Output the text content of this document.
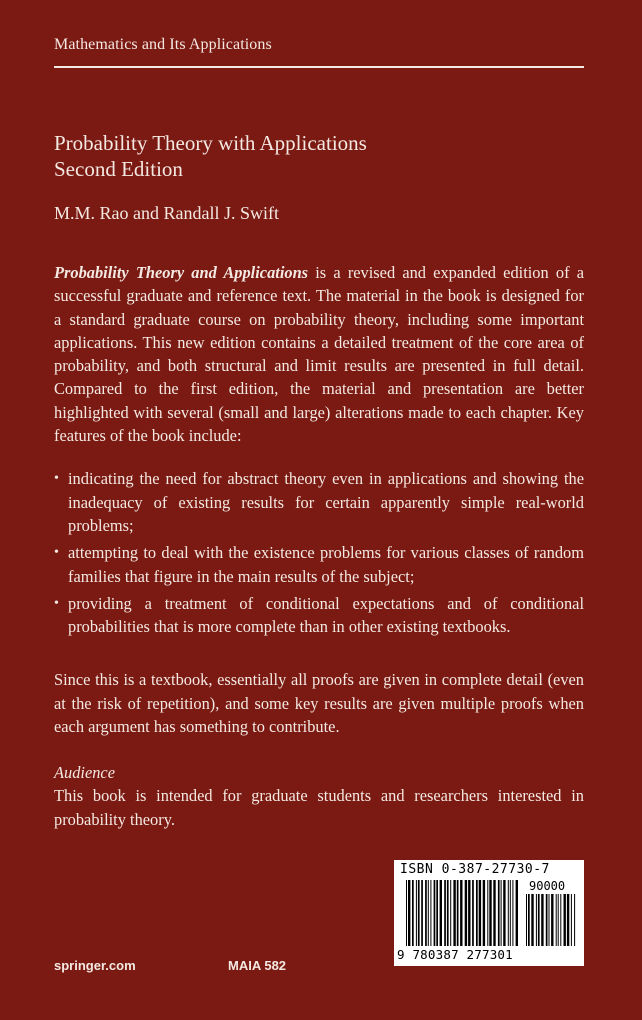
Mathematics and Its Applications
Probability Theory with Applications
Second Edition
M.M. Rao and Randall J. Swift

Probability Theory and Applications is a revised and expanded edition of a successful graduate and reference text. The material in the book is designed for a standard graduate course on probability theory, including some important applications. This new edition contains a detailed treatment of the core area of probability, and both structural and limit results are presented in full detail. Compared to the first edition, the material and presentation are better highlighted with several (small and large) alterations made to each chapter. Key features of the book include:

• indicating the need for abstract theory even in applications and showing the inadequacy of existing results for certain apparently simple real-world problems;
• attempting to deal with the existence problems for various classes of random families that figure in the main results of the subject;
• providing a treatment of conditional expectations and of conditional probabilities that is more complete than in other existing textbooks.

Since this is a textbook, essentially all proofs are given in complete detail (even at the risk of repetition), and some key results are given multiple proofs when each argument has something to contribute.

Audience

This book is intended for graduate students and researchers interested in probability theory.

ISBN 0-387-27730-7
90000
9 780387 277301
springer.com	MAIA 582
